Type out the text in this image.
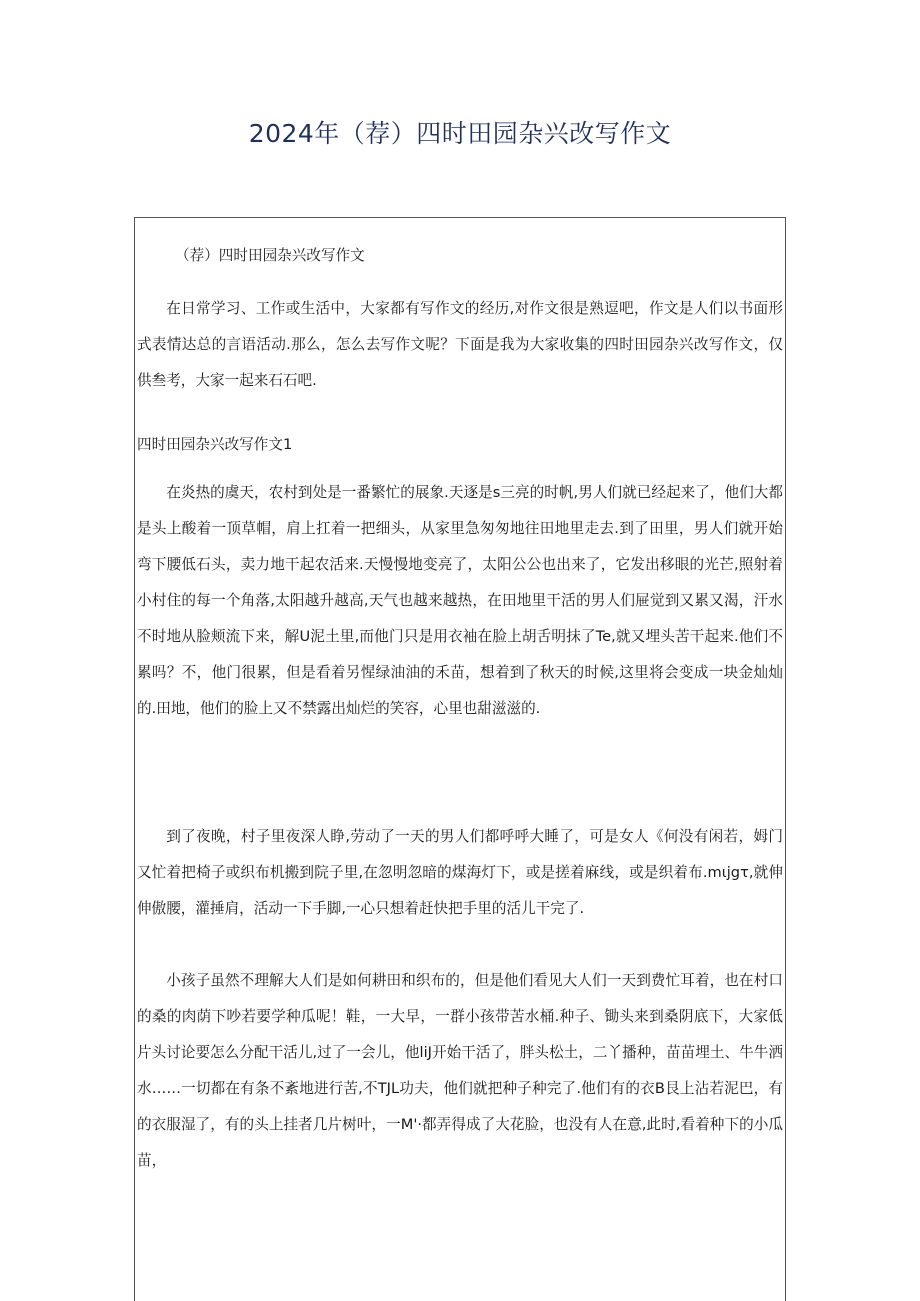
2024年（荐）四时田园杂兴改写作文

（荐）四时田园杂兴改写作文

在日常学习、工作或生活中，大家都有写作文的经历,对作文很是熟逗吧，作文是人们以书面形式表情达总的言语活动.那么，怎么去写作文呢？下面是我为大家收集的四时田园杂兴改写作文，仅供叁考，大家一起来石石吧.

四时田园杂兴改写作文1

在炎热的虞天，农村到处是一番繁忙的展象.天逐是s三亮的时帆,男人们就已经起来了，他们大都是头上酸着一顶草帽，肩上扛着一把细头，从家里急匆匆地往田地里走去.到了田里，男人们就开始弯下腰低石头，卖力地干起农活来.天慢慢地变亮了，太阳公公也出来了，它发出移眼的光芒,照射着小村住的每一个角落,太阳越升越高,天气也越来越热，在田地里干活的男人们屉觉到又累又渴，汗水不时地从脸颊流下来，解U泥土里,而他门只是用衣袖在脸上胡舌明抹了Te,就又埋头苦干起来.他们不累吗？不，他门很累，但是看着另惺绿油油的禾苗，想着到了秋天的时候,这里将会变成一块金灿灿的.田地，他们的脸上又不禁露出灿烂的笑容，心里也甜滋滋的.

到了夜晚，村子里夜深人睁,劳动了一天的男人们都呼呼大睡了，可是女人《何没有闲若，姆门又忙着把椅子或织布机搬到院子里,在忽明忽暗的煤海灯下，或是搓着麻线，或是织着布.mιjgτ,就伸伸傲腰，灌捶肩，活动一下手脚,一心只想着赶快把手里的活儿干完了.

小孩子虽然不理解大人们是如何耕田和织布的，但是他们看见大人们一天到费忙耳着，也在村口的桑的肉荫下吵若要学种瓜呢！鞋，一大早，一群小孩带苦水桶.种子、锄头来到桑阴底下，大家低片头讨论要怎么分配干活儿,过了一会儿，他liJ开始干活了，胖头松土，二丫播种，苗苗埋土、牛牛洒水……一切都在有条不紊地进行苦,不TJL功夫，他们就把种子种完了.他们有的衣B艮上沾若泥巴，有的衣服湿了，有的头上挂者几片树叶，一M'·都弄得成了大花脸，也没有人在意,此时,看着种下的小瓜苗，
